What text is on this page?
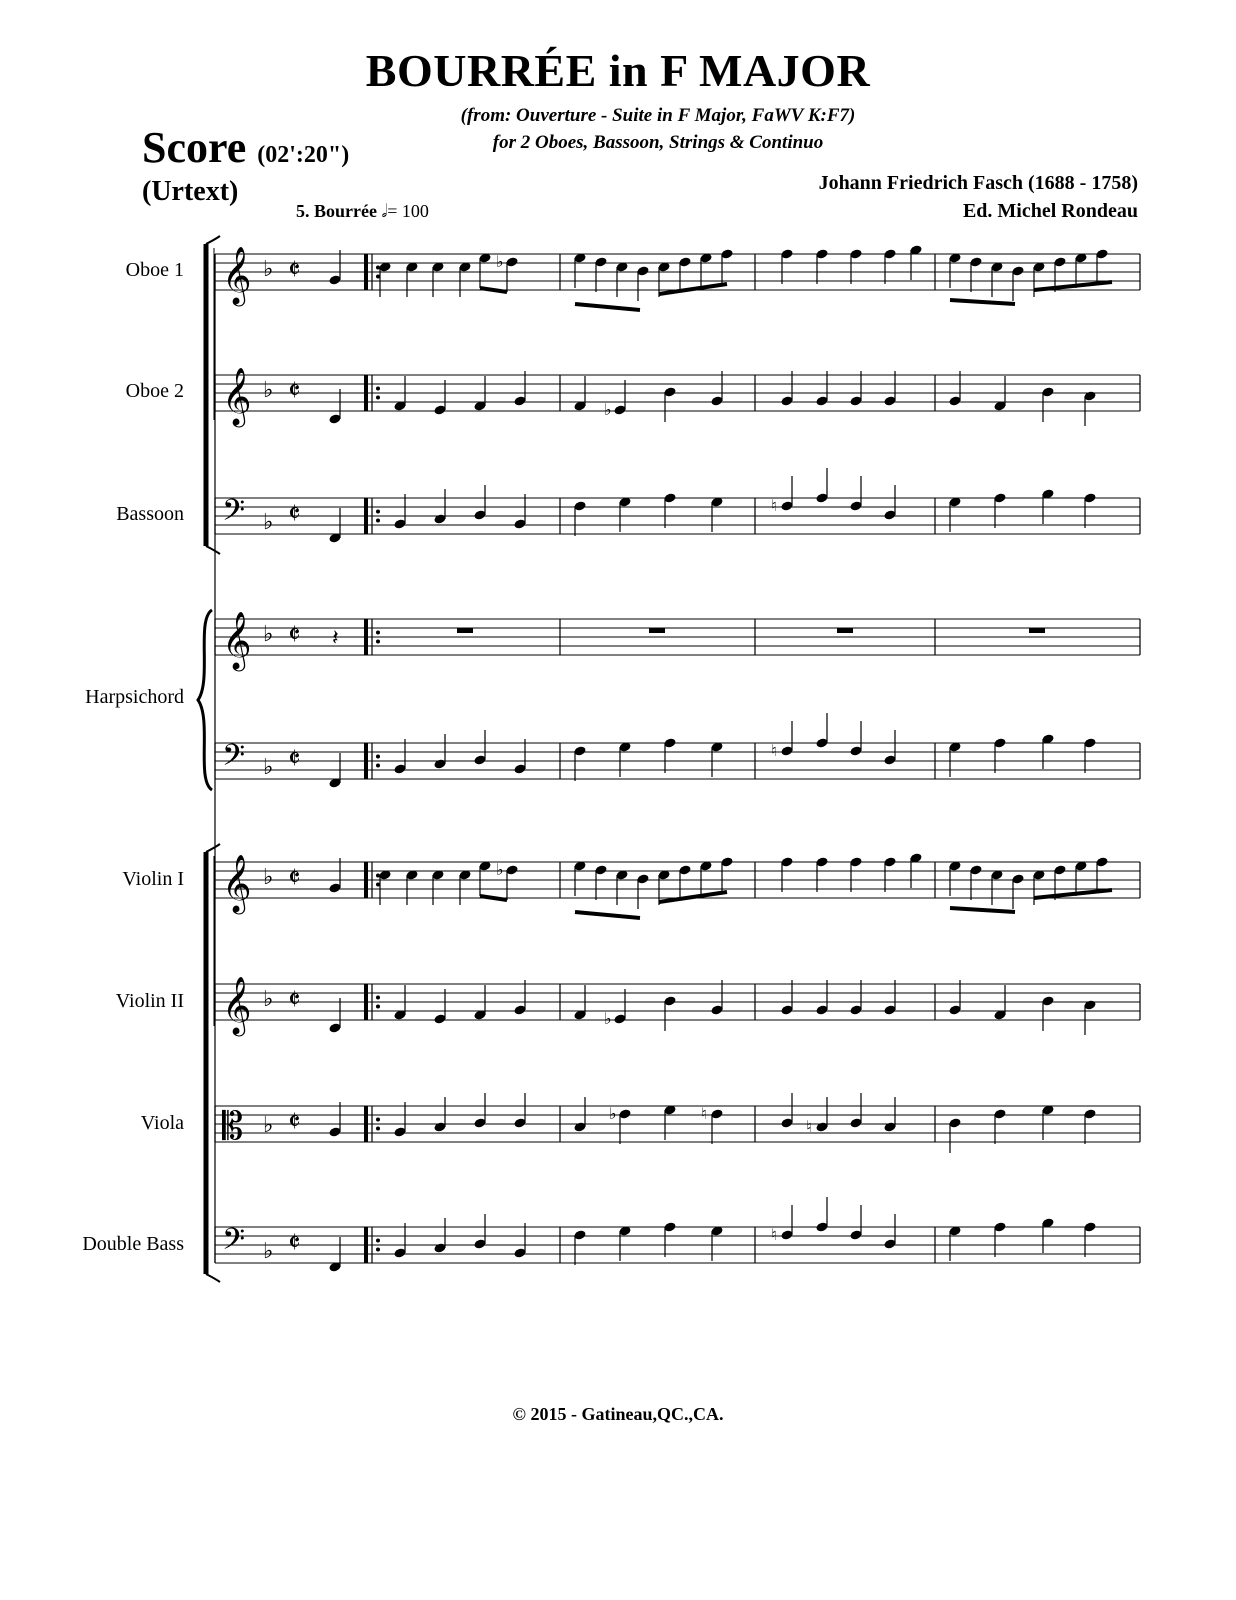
BOURRÉE in F MAJOR
(from: Ouverture - Suite in F Major, FaWV K:F7)
for 2 Oboes, Bassoon, Strings & Continuo
Score (02':20")
(Urtext)	Johann Friedrich Fasch (1688 - 1758)
Ed. Michel Rondeau
5. Bourrée 𝅗𝅥= 100
Oboe 1
Oboe 2
Bassoon
Harpsichord
Violin I
Violin II
Viola
Double Bass
𝄞 ♭ 𝄵
𝄞 ♭ 𝄵
𝄢 ♭ 𝄵
𝄞 ♭ 𝄵
𝄢 ♭ 𝄵
𝄞 ♭ 𝄵
𝄞 ♭ 𝄵
𝄡 ♭ 𝄵
𝄢 ♭ 𝄵
♭
♭
♮
𝄽
♮
♭
♭
♭	♮
♮
♮
© 2015 - Gatineau,QC.,CA.
